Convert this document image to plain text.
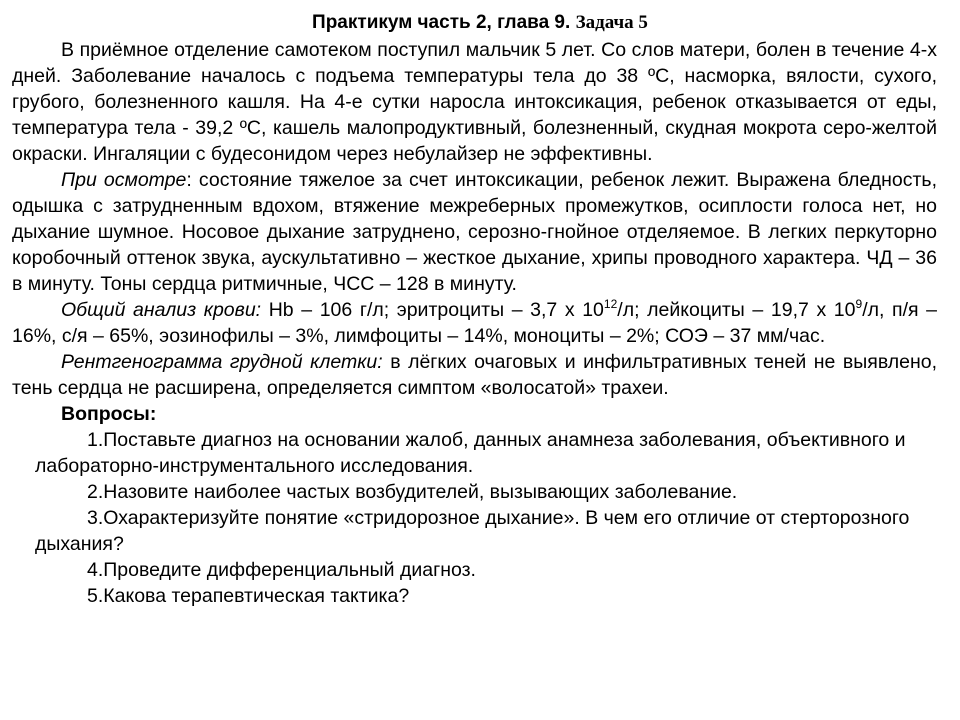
Практикум часть 2, глава 9. Задача 5

В приёмное отделение самотеком поступил мальчик 5 лет. Со слов матери, болен в течение 4-х дней. Заболевание началось с подъема температуры тела до 38 ºС, насморка, вялости, сухого, грубого, болезненного кашля. На 4-е сутки наросла интоксикация, ребенок отказывается от еды, температура тела - 39,2 ºС, кашель малопродуктивный, болезненный, скудная мокрота серо-желтой окраски. Ингаляции с будесонидом через небулайзер не эффективны.

При осмотре: состояние тяжелое за счет интоксикации, ребенок лежит. Выражена бледность, одышка с затрудненным вдохом, втяжение межреберных промежутков, осиплости голоса нет, но дыхание шумное. Носовое дыхание затруднено, серозно-гнойное отделяемое. В легких перкуторно коробочный оттенок звука, аускультативно – жесткое дыхание, хрипы проводного характера. ЧД – 36 в минуту. Тоны сердца ритмичные, ЧСС – 128 в минуту.

Общий анализ крови: Hb – 106 г/л; эритроциты – 3,7 х $10^{12}/л$; лейкоциты – 19,7 х $10^9/л$, п/я – 16%, с/я – 65%, эозинофилы – 3%, лимфоциты – 14%, моноциты – 2%; СОЭ – 37 мм/час.

Рентгенограмма грудной клетки: в лёгких очаговых и инфильтративных теней не выявлено, тень сердца не расширена, определяется симптом «волосатой» трахеи.

Вопросы:

1.Поставьте диагноз на основании жалоб, данных анамнеза заболевания, объективного и лабораторно-инструментального исследования.

2.Назовите наиболее частых возбудителей, вызывающих заболевание.

3.Охарактеризуйте понятие «стридорозное дыхание». В чем его отличие от стерторозного дыхания?

4.Проведите дифференциальный диагноз.

5.Какова терапевтическая тактика?
